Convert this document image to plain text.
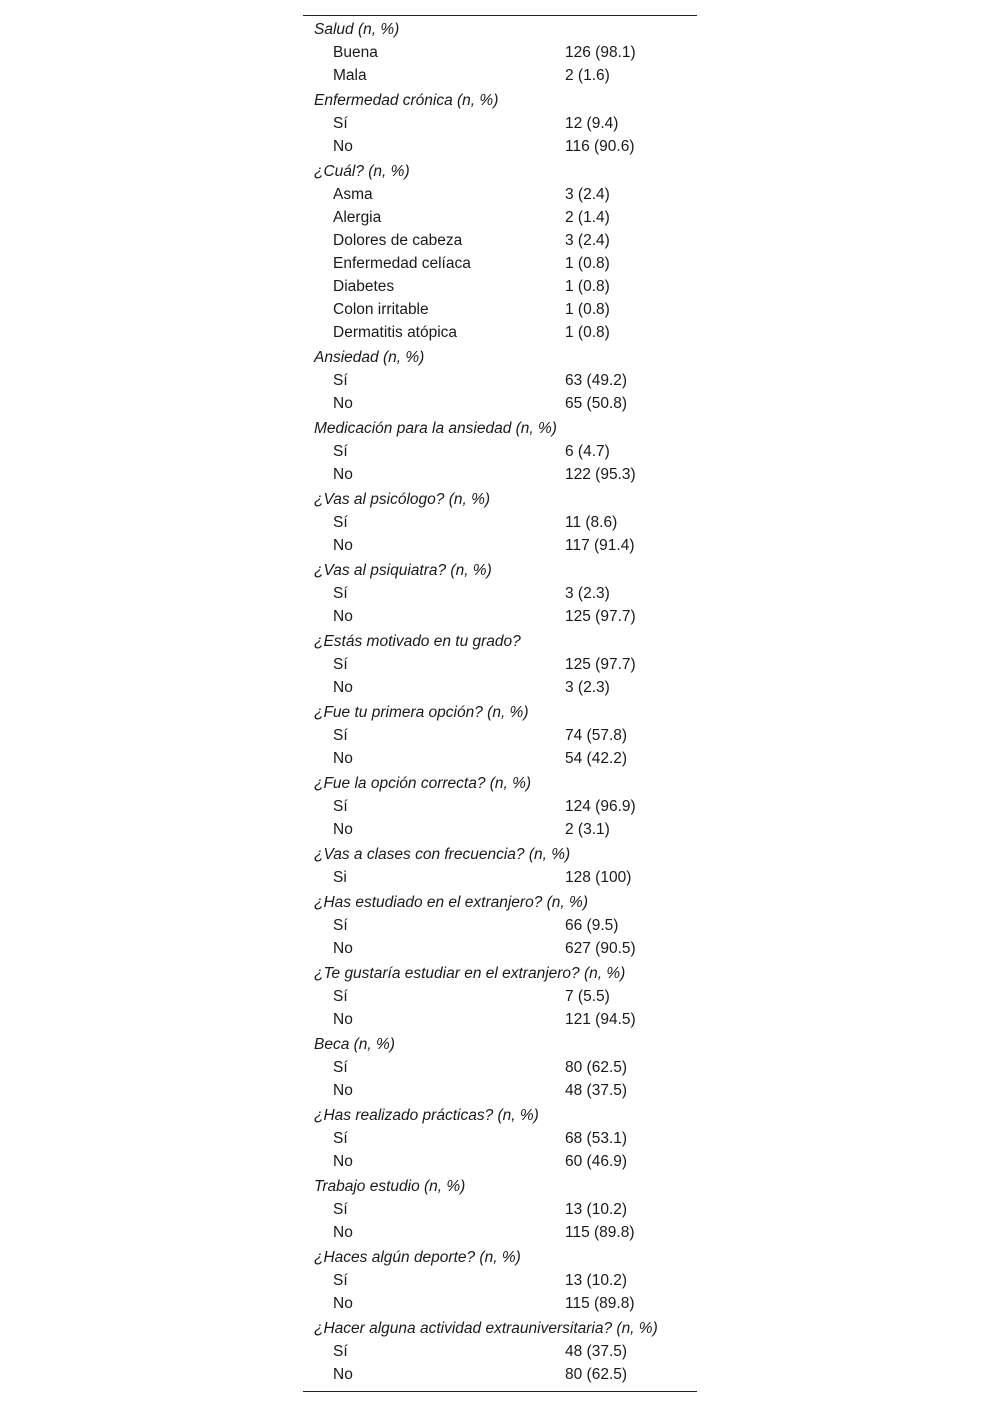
Salud (n, %)
Buena	126 (98.1)
Mala	2 (1.6)
Enfermedad crónica (n, %)
Sí	12 (9.4)
No	116 (90.6)
¿Cuál? (n, %)
Asma	3 (2.4)
Alergia	2 (1.4)
Dolores de cabeza	3 (2.4)
Enfermedad celíaca	1 (0.8)
Diabetes	1 (0.8)
Colon irritable	1 (0.8)
Dermatitis atópica	1 (0.8)
Ansiedad (n, %)
Sí	63 (49.2)
No	65 (50.8)
Medicación para la ansiedad (n, %)
Sí	6 (4.7)
No	122 (95.3)
¿Vas al psicólogo? (n, %)
Sí	11 (8.6)
No	117 (91.4)
¿Vas al psiquiatra? (n, %)
Sí	3 (2.3)
No	125 (97.7)
¿Estás motivado en tu grado?
Sí	125 (97.7)
No	3 (2.3)
¿Fue tu primera opción? (n, %)
Sí	74 (57.8)
No	54 (42.2)
¿Fue la opción correcta? (n, %)
Sí	124 (96.9)
No	2 (3.1)
¿Vas a clases con frecuencia? (n, %)
Si	128 (100)
¿Has estudiado en el extranjero? (n, %)
Sí	66 (9.5)
No	627 (90.5)
¿Te gustaría estudiar en el extranjero? (n, %)
Sí	7 (5.5)
No	121 (94.5)
Beca (n, %)
Sí	80 (62.5)
No	48 (37.5)
¿Has realizado prácticas? (n, %)
Sí	68 (53.1)
No	60 (46.9)
Trabajo estudio (n, %)
Sí	13 (10.2)
No	115 (89.8)
¿Haces algún deporte? (n, %)
Sí	13 (10.2)
No	115 (89.8)
¿Hacer alguna actividad extrauniversitaria? (n, %)
Sí	48 (37.5)
No	80 (62.5)
